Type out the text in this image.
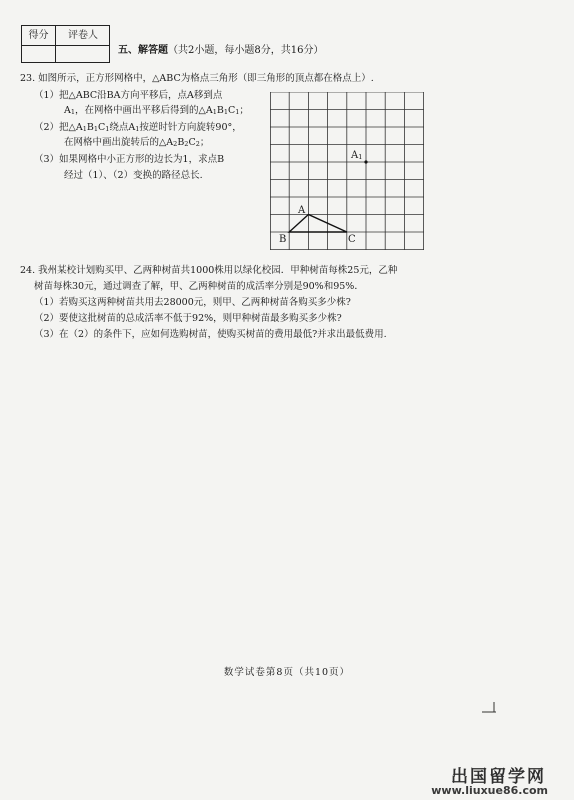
得分	评卷人
五、解答题（共2小题，每小题8分，共16分）
23. 如图所示，正方形网格中，△ABC为格点三角形（即三角形的顶点都在格点上）.
（1）把△ABC沿BA方向平移后，点A移到点
$A_1$，在网格中画出平移后得到的$\triangle A_1B_1C_1$；
（2）把$\triangle A_1B_1C_1$绕点$A_1$按逆时针方向旋转90°，
在网格中画出旋转后的$\triangle A_2B_2C_2$；
（3）如果网格中小正方形的边长为1，求点B
经过（1）、（2）变换的路径总长.
$A_1$
A
B	C
24. 我州某校计划购买甲、乙两种树苗共1000株用以绿化校园．甲种树苗每株25元，乙种
树苗每株30元，通过调查了解，甲、乙两种树苗的成活率分别是90%和95%．
（1）若购买这两种树苗共用去28000元，则甲、乙两种树苗各购买多少株?
（2）要使这批树苗的总成活率不低于92%，则甲种树苗最多购买多少株?
（3）在（2）的条件下，应如何选购树苗，使购买树苗的费用最低?并求出最低费用.
数学试卷第8页（共10页）
出国留学网
www.liuxue86.com
